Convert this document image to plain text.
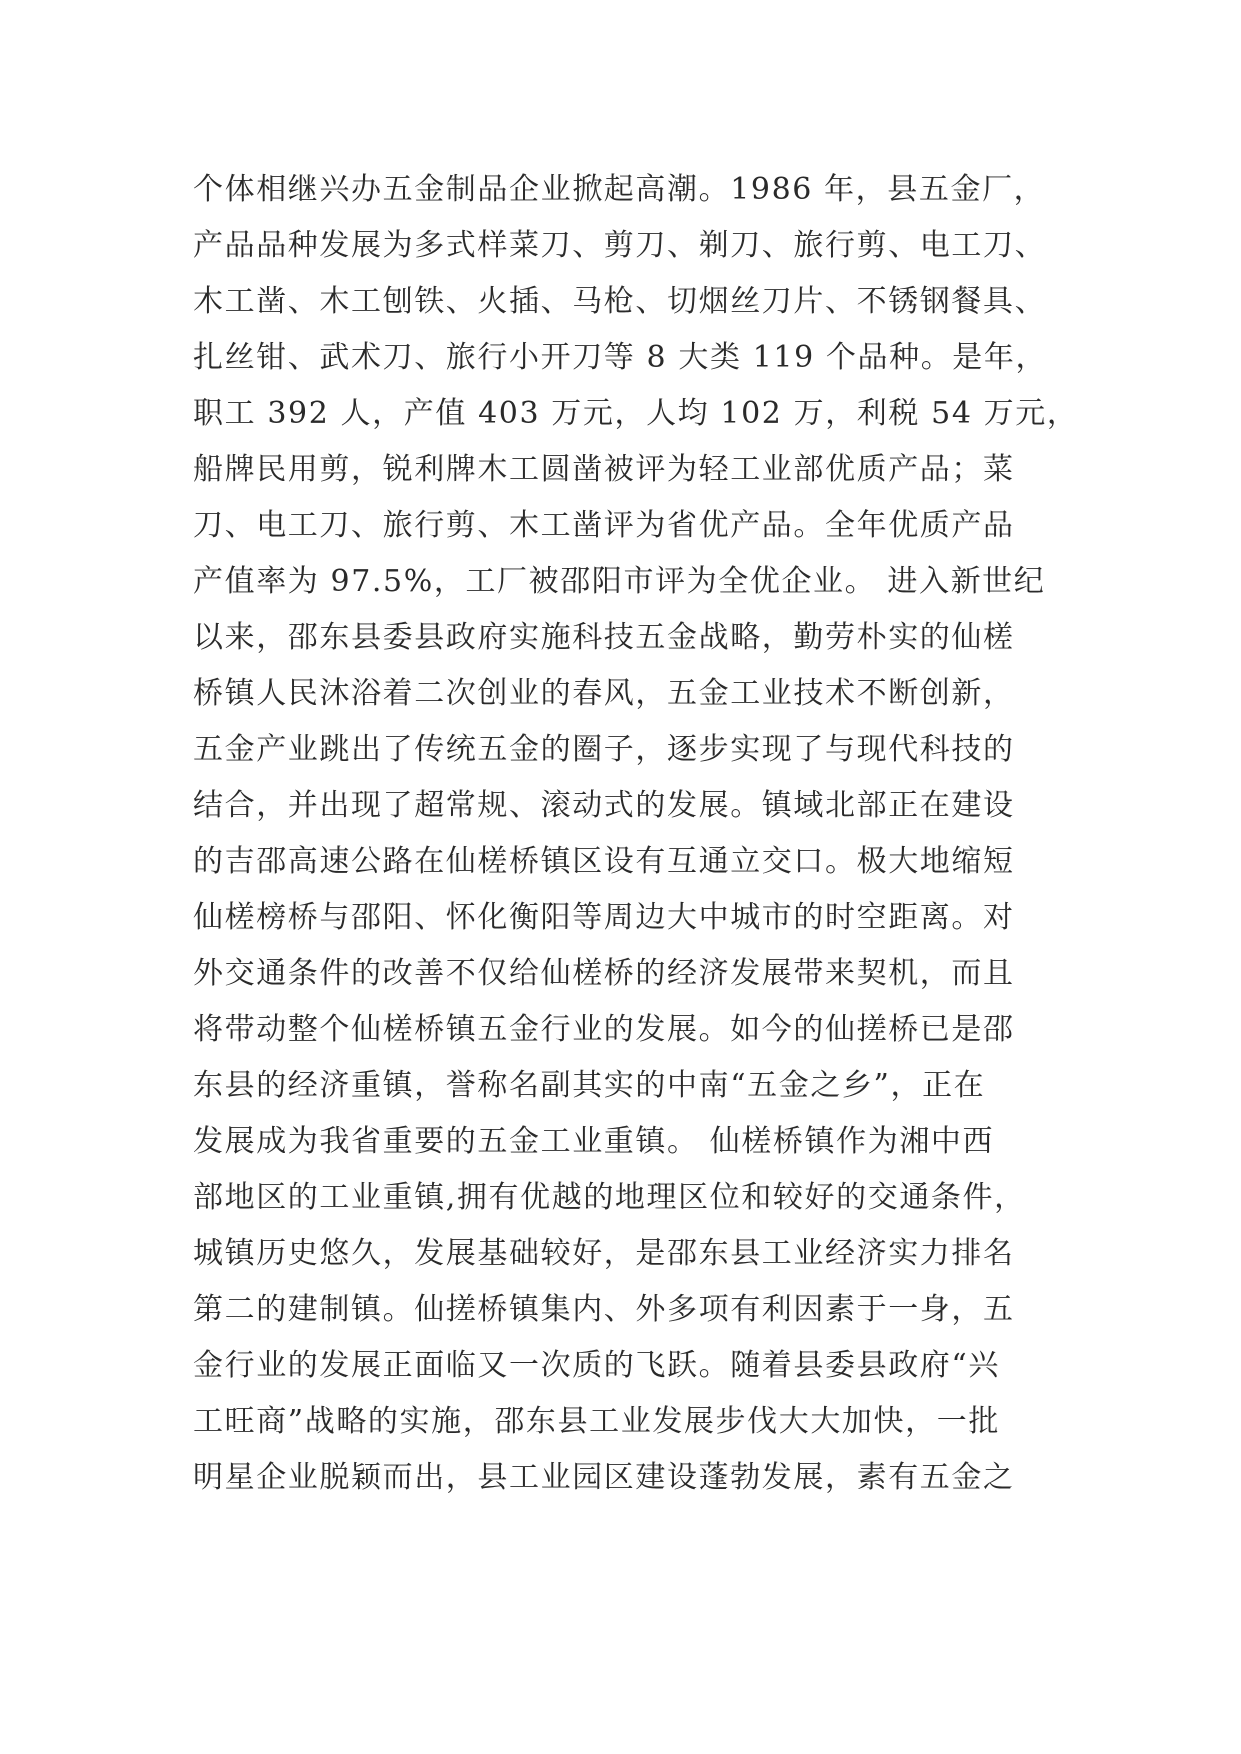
个体相继兴办五金制品企业掀起高潮。1986 年，县五金厂，
产品品种发展为多式样菜刀、剪刀、剃刀、旅行剪、电工刀、
木工凿、木工刨铁、火插、马枪、切烟丝刀片、不锈钢餐具、
扎丝钳、武术刀、旅行小开刀等 8 大类 119 个品种。是年，
职工 392 人，产值 403 万元，人均 102 万，利税 54 万元，
船牌民用剪，锐利牌木工圆凿被评为轻工业部优质产品；菜
刀、电工刀、旅行剪、木工凿评为省优产品。全年优质产品
产值率为 97.5%，工厂被邵阳市评为全优企业。 进入新世纪
以来，邵东县委县政府实施科技五金战略，勤劳朴实的仙槎
桥镇人民沐浴着二次创业的春风，五金工业技术不断创新，
五金产业跳出了传统五金的圈子，逐步实现了与现代科技的
结合，并出现了超常规、滚动式的发展。镇域北部正在建设
的吉邵高速公路在仙槎桥镇区设有互通立交口。极大地缩短
仙槎榜桥与邵阳、怀化衡阳等周边大中城市的时空距离。对
外交通条件的改善不仅给仙槎桥的经济发展带来契机，而且
将带动整个仙槎桥镇五金行业的发展。如今的仙搓桥已是邵
东县的经济重镇，誉称名副其实的中南“五金之乡”，正在
发展成为我省重要的五金工业重镇。 仙槎桥镇作为湘中西
部地区的工业重镇,拥有优越的地理区位和较好的交通条件，
城镇历史悠久，发展基础较好，是邵东县工业经济实力排名
第二的建制镇。仙搓桥镇集内、外多项有利因素于一身，五
金行业的发展正面临又一次质的飞跃。随着县委县政府“兴
工旺商”战略的实施，邵东县工业发展步伐大大加快，一批
明星企业脱颖而出，县工业园区建设蓬勃发展，素有五金之
